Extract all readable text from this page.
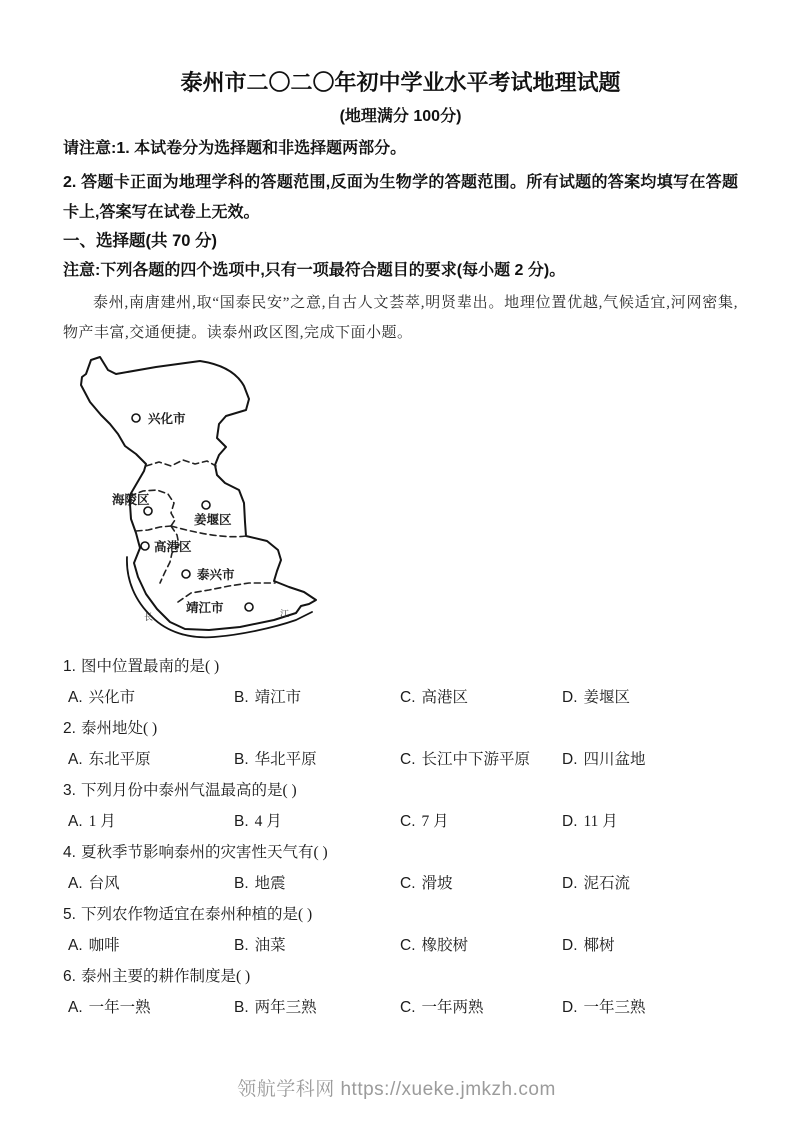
泰州市二〇二〇年初中学业水平考试地理试题
(地理满分 100分)
请注意:1. 本试卷分为选择题和非选择题两部分。
2. 答题卡正面为地理学科的答题范围,反面为生物学的答题范围。所有试题的答案均填写在答题卡上,答案写在试卷上无效。
一、选择题(共 70 分)
注意:下列各题的四个选项中,只有一项最符合题目的要求(每小题 2 分)。
泰州,南唐建州,取“国泰民安”之意,自古人文荟萃,明贤辈出。地理位置优越,气候适宜,河网密集,物产丰富,交通便捷。读泰州政区图,完成下面小题。
兴化市
海陵区
姜堰区
高港区
泰兴市
靖江市
长	江
1. 图中位置最南的是( )
A. 兴化市	B. 靖江市	C. 高港区	D. 姜堰区
2. 泰州地处( )
A. 东北平原	B. 华北平原	C. 长江中下游平原	D. 四川盆地
3. 下列月份中泰州气温最高的是( )
A. 1 月	B. 4 月	C. 7 月	D. 11 月
4. 夏秋季节影响泰州的灾害性天气有( )
A. 台风	B. 地震	C. 滑坡	D. 泥石流
5. 下列农作物适宜在泰州种植的是( )
A. 咖啡	B. 油菜	C. 橡胶树	D. 椰树
6. 泰州主要的耕作制度是( )
A. 一年一熟	B. 两年三熟	C. 一年两熟	D. 一年三熟
领航学科网 https://xueke.jmkzh.com
